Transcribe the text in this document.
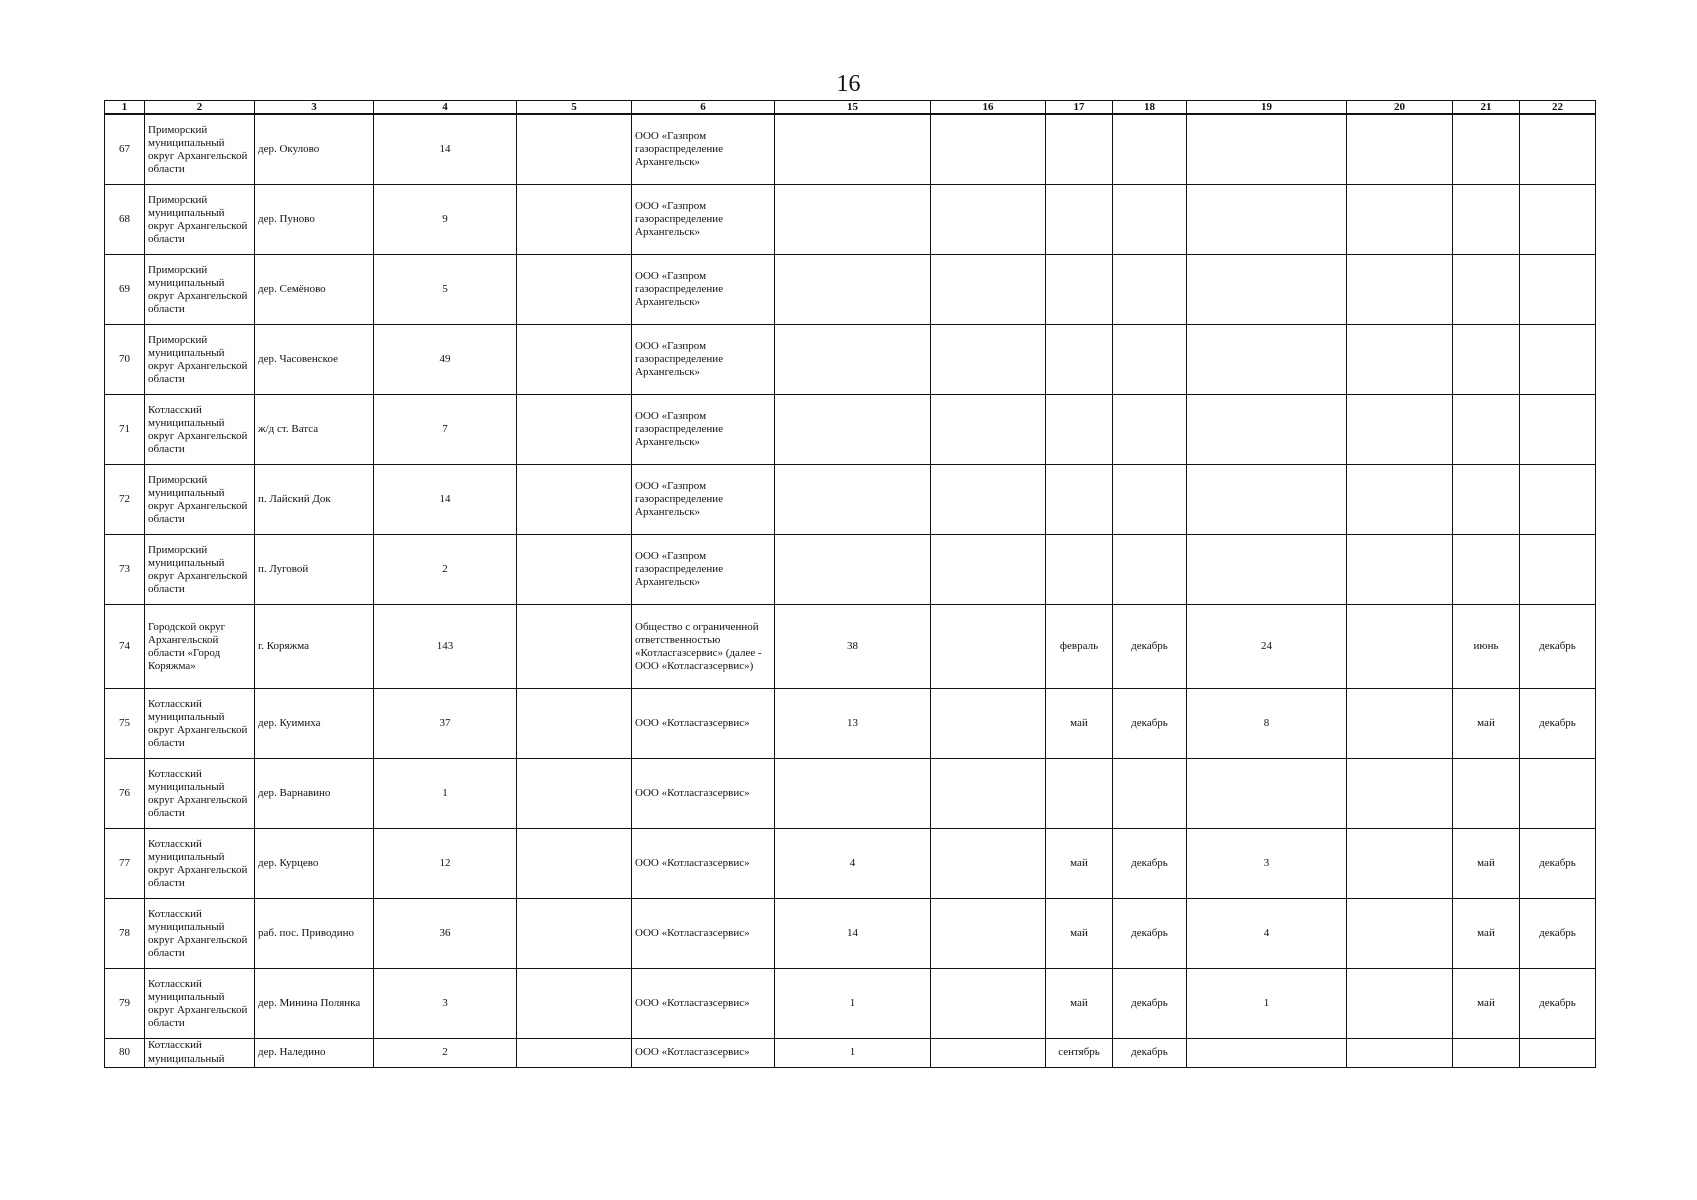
16
1	2	3	4	5	6	15	16	17	18	19	20	21	22
67	Приморский муниципальный округ Архангельской области	дер. Окулово	14		ООО «Газпром газораспределение Архангельск»								
68	Приморский муниципальный округ Архангельской области	дер. Пуново	9		ООО «Газпром газораспределение Архангельск»								
69	Приморский муниципальный округ Архангельской области	дер. Семёново	5		ООО «Газпром газораспределение Архангельск»								
70	Приморский муниципальный округ Архангельской области	дер. Часовенское	49		ООО «Газпром газораспределение Архангельск»								
71	Котласский муниципальный округ Архангельской области	ж/д ст. Ватса	7		ООО «Газпром газораспределение Архангельск»								
72	Приморский муниципальный округ Архангельской области	п. Лайский Док	14		ООО «Газпром газораспределение Архангельск»								
73	Приморский муниципальный округ Архангельской области	п. Луговой	2		ООО «Газпром газораспределение Архангельск»								
74	Городской округ Архангельской области «Город Коряжма»	г. Коряжма	143		Общество с ограниченной ответственностью «Котласгазсервис» (далее - ООО «Котласгазсервис»)	38		февраль	декабрь	24		июнь	декабрь
75	Котласский муниципальный округ Архангельской области	дер. Куимиха	37		ООО «Котласгазсервис»	13		май	декабрь	8		май	декабрь
76	Котласский муниципальный округ Архангельской области	дер. Варнавино	1		ООО «Котласгазсервис»								
77	Котласский муниципальный округ Архангельской области	дер. Курцево	12		ООО «Котласгазсервис»	4		май	декабрь	3		май	декабрь
78	Котласский муниципальный округ Архангельской области	раб. пос. Приводино	36		ООО «Котласгазсервис»	14		май	декабрь	4		май	декабрь
79	Котласский муниципальный округ Архангельской области	дер. Минина Полянка	3		ООО «Котласгазсервис»	1		май	декабрь	1		май	декабрь
80	Котласский муниципальный	дер. Наледино	2		ООО «Котласгазсервис»	1		сентябрь	декабрь				
